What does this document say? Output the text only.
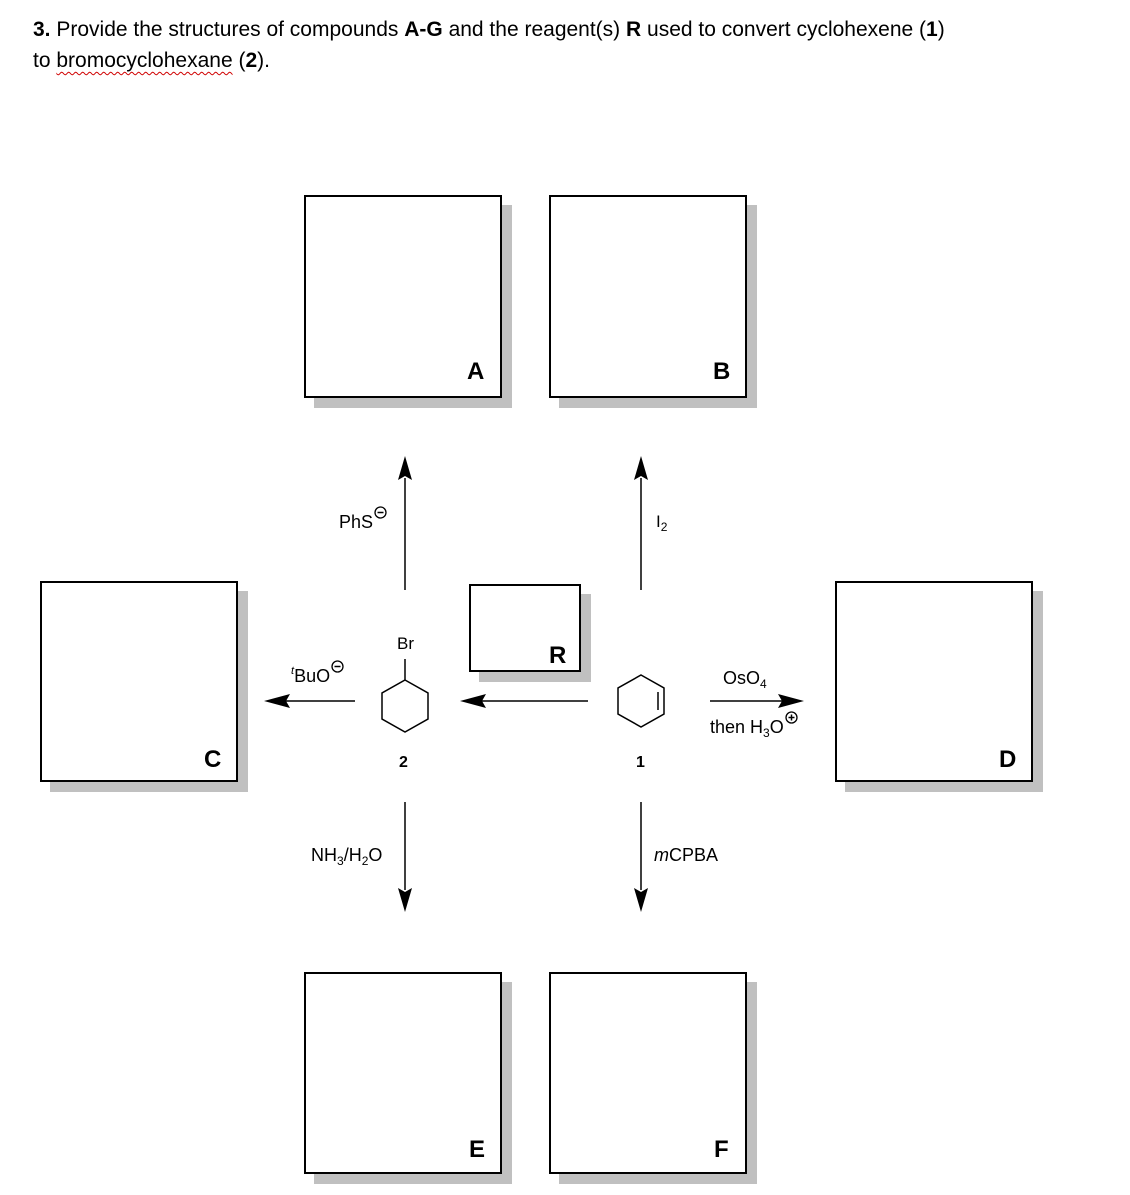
3. Provide the structures of compounds A-G and the reagent(s) R used to convert cyclohexene (1)
to bromocyclohexane (2).
A	B
C	D
E	F
R
Br
2	1
PhS	$I_2$
$^t$BuO	OsO$_4$
then $H_3O$
$NH_3/H_2O$	mCPBA
